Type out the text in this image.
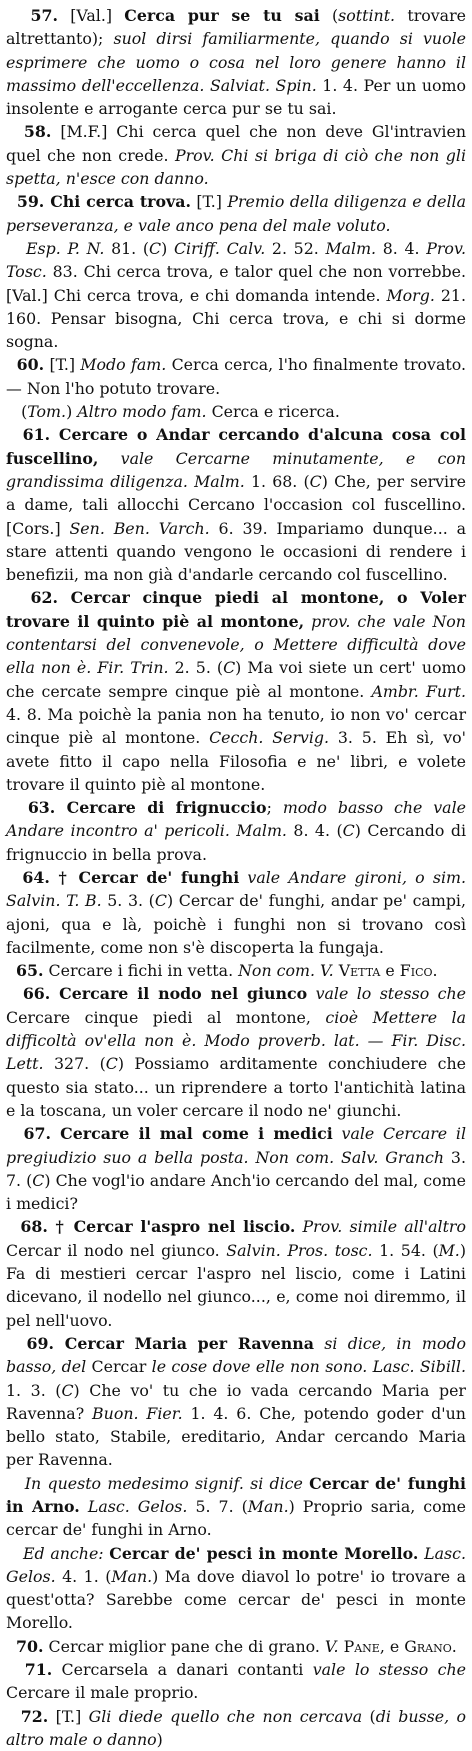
57. [Val.] Cerca pur se tu sai (sottint. trovare altrettanto); suol dirsi familiarmente, quando si vuole esprimere che uomo o cosa nel loro genere hanno il massimo dell'eccellenza. Salviat. Spin. 1. 4. Per un uomo insolente e arrogante cerca pur se tu sai.

58. [M.F.] Chi cerca quel che non deve Gl'intravien quel che non crede. Prov. Chi si briga di ciò che non gli spetta, n'esce con danno.

59. Chi cerca trova. [T.] Premio della diligenza e della perseveranza, e vale anco pena del male voluto.
Esp. P. N. 81. (C) Ciriff. Calv. 2. 52. Malm. 8. 4. Prov. Tosc. 83. Chi cerca trova, e talor quel che non vorrebbe. [Val.] Chi cerca trova, e chi domanda intende. Morg. 21. 160. Pensar bisogna, Chi cerca trova, e chi si dorme sogna.

60. [T.] Modo fam. Cerca cerca, l'ho finalmente trovato. — Non l'ho potuto trovare.
(Tom.) Altro modo fam. Cerca e ricerca.

61. Cercare o Andar cercando d'alcuna cosa col fuscellino, vale Cercarne minutamente, e con grandissima diligenza. Malm. 1. 68. (C) Che, per servire a dame, tali allocchi Cercano l'occasion col fuscellino. [Cors.] Sen. Ben. Varch. 6. 39. Impariamo dunque... a stare attenti quando vengono le occasioni di rendere i benefizii, ma non già d'andarle cercando col fuscellino.

62. Cercar cinque piedi al montone, o Voler trovare il quinto piè al montone, prov. che vale Non contentarsi del convenevole, o Mettere difficultà dove ella non è. Fir. Trin. 2. 5. (C) Ma voi siete un cert' uomo che cercate sempre cinque piè al montone. Ambr. Furt. 4. 8. Ma poichè la pania non ha tenuto, io non vo' cercar cinque piè al montone. Cecch. Servig. 3. 5. Eh sì, vo' avete fitto il capo nella Filosofia e ne' libri, e volete trovare il quinto piè al montone.

63. Cercare di frignuccio; modo basso che vale Andare incontro a' pericoli. Malm. 8. 4. (C) Cercando di frignuccio in bella prova.

64. † Cercar de' funghi vale Andare gironi, o sim. Salvin. T. B. 5. 3. (C) Cercar de' funghi, andar pe' campi, ajoni, qua e là, poichè i funghi non si trovano così facilmente, come non s'è discoperta la fungaja.

65. Cercare i fichi in vetta. Non com. V. Vetta e Fico.

66. Cercare il nodo nel giunco vale lo stesso che Cercare cinque piedi al montone, cioè Mettere la difficoltà ov'ella non è. Modo proverb. lat. — Fir. Disc. Lett. 327. (C) Possiamo arditamente conchiudere che questo sia stato... un riprendere a torto l'antichità latina e la toscana, un voler cercare il nodo ne' giunchi.

67. Cercare il mal come i medici vale Cercare il pregiudizio suo a bella posta. Non com. Salv. Granch 3. 7. (C) Che vogl'io andare Anch'io cercando del mal, come i medici?

68. † Cercar l'aspro nel liscio. Prov. simile all'altro Cercar il nodo nel giunco. Salvin. Pros. tosc. 1. 54. (M.) Fa di mestieri cercar l'aspro nel liscio, come i Latini dicevano, il nodello nel giunco..., e, come noi diremmo, il pel nell'uovo.

69. Cercar Maria per Ravenna si dice, in modo basso, del Cercar le cose dove elle non sono. Lasc. Sibill. 1. 3. (C) Che vo' tu che io vada cercando Maria per Ravenna? Buon. Fier. 1. 4. 6. Che, potendo goder d'un bello stato, Stabile, ereditario, Andar cercando Maria per Ravenna.
In questo medesimo signif. si dice Cercar de' funghi in Arno. Lasc. Gelos. 5. 7. (Man.) Proprio saria, come cercar de' funghi in Arno.
Ed anche: Cercar de' pesci in monte Morello. Lasc. Gelos. 4. 1. (Man.) Ma dove diavol lo potre' io trovare a quest'otta? Sarebbe come cercar de' pesci in monte Morello.

70. Cercar miglior pane che di grano. V. Pane, e Grano.

71. Cercarsela a danari contanti vale lo stesso che Cercare il male proprio.

72. [T.] Gli diede quello che non cercava (di busse, o altro male o danno)
